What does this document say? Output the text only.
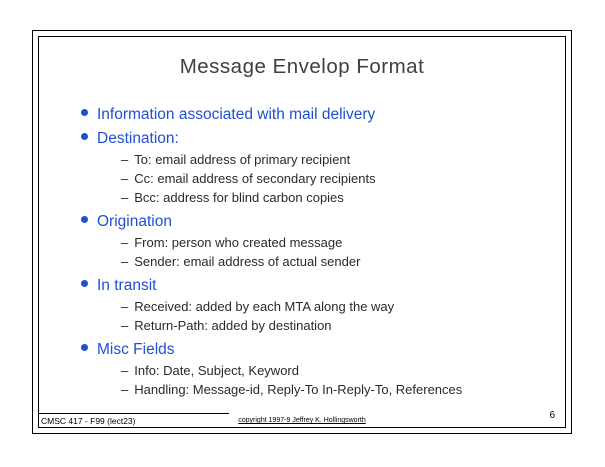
Message Envelop Format
Information associated with mail delivery
Destination:
– To: email address of primary recipient
– Cc: email address of secondary recipients
– Bcc: address for blind carbon copies
Origination
– From: person who created message
– Sender: email address of actual sender
In transit
– Received: added by each MTA along the way
– Return-Path: added by destination
Misc Fields
– Info: Date, Subject, Keyword
– Handling: Message-id, Reply-To In-Reply-To, References
CMSC 417 - F99 (lect23)	copyright 1997-9 Jeffrey K. Hollingsworth	6
